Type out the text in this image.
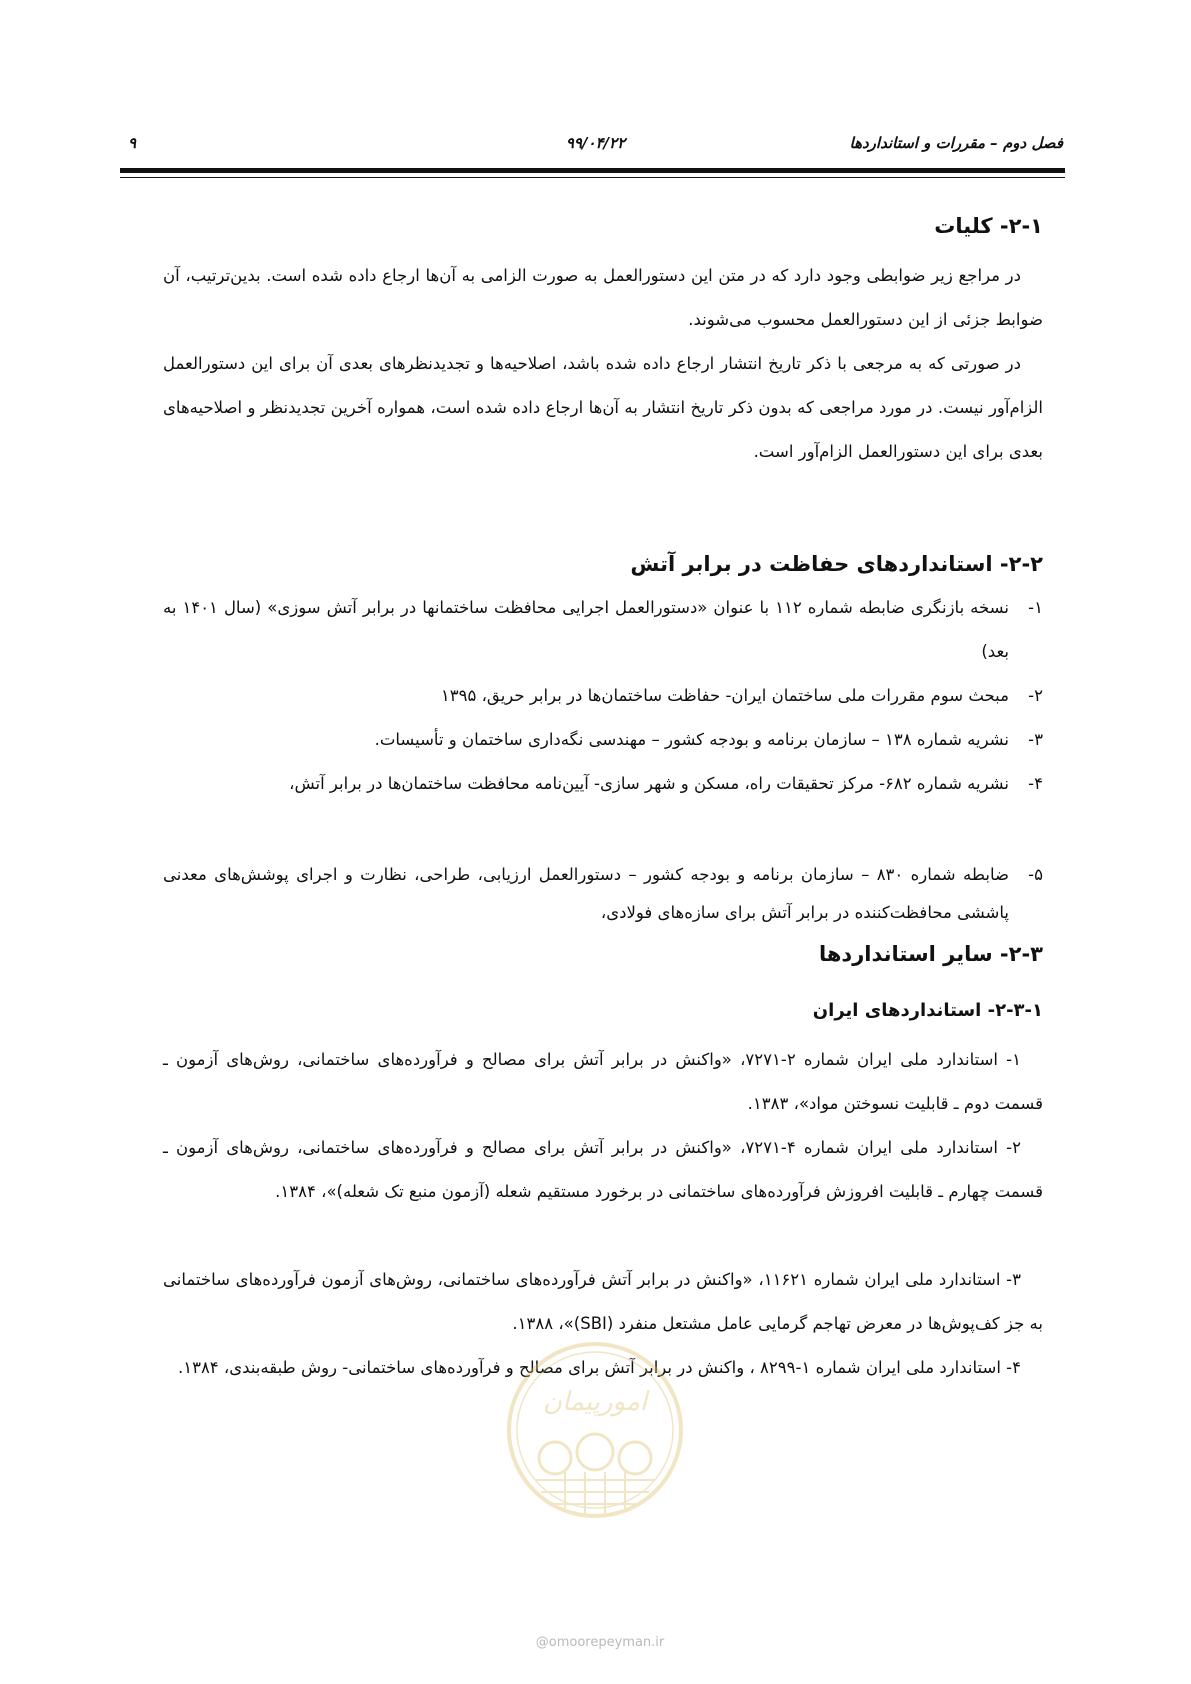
فصل دوم – مقررات و استانداردها
۹۹/۰۴/۲۲
۹
۲-۱- کلیات
در مراجع زیر ضوابطی وجود دارد که در متن این دستورالعمل به صورت الزامی به آن‌ها ارجاع داده شده است. بدین‌ترتیب، آن ضوابط جزئی از این دستورالعمل محسوب می‌شوند.
در صورتی که به مرجعی با ذکر تاریخ انتشار ارجاع داده شده باشد، اصلاحیه‌ها و تجدیدنظرهای بعدی آن برای این دستورالعمل الزام‌آور نیست. در مورد مراجعی که بدون ذکر تاریخ انتشار به آن‌ها ارجاع داده شده است، همواره آخرین تجدیدنظر و اصلاحیه‌های بعدی برای این دستورالعمل الزام‌آور است.
۲-۲- استانداردهای حفاظت در برابر آتش
۱-
نسخه بازنگری ضابطه شماره ۱۱۲ با عنوان «دستورالعمل اجرایی محافظت ساختمانها در برابر آتش سوزی» (سال ۱۴۰۱ به بعد)
۲-
مبحث سوم مقررات ملی ساختمان ایران- حفاظت ساختمان‌ها در برابر حریق، ۱۳۹۵
۳-
نشریه شماره ۱۳۸ – سازمان برنامه و بودجه کشور – مهندسی نگه‌داری ساختمان و تأسیسات.
۴-
نشریه شماره ۶۸۲- مرکز تحقیقات راه، مسکن و شهر سازی- آیین‌نامه محافظت ساختمان‌ها در برابر آتش،
۵-
ضابطه شماره ۸۳۰ – سازمان برنامه و بودجه کشور – دستورالعمل ارزیابی، طراحی، نظارت و اجرای پوشش‌های معدنی پاششی محافظت‌کننده در برابر آتش برای سازه‌های فولادی،
۲-۳- سایر استانداردها
۲-۳-۱- استانداردهای ایران
۱- استاندارد ملی ایران شماره ۲-۷۲۷۱، «واکنش در برابر آتش برای مصالح و فرآورده‌های ساختمانی، روش‌های آزمون ـ قسمت دوم ـ قابلیت نسوختن مواد»، ۱۳۸۳.
۲- استاندارد ملی ایران شماره ۴-۷۲۷۱، «واکنش در برابر آتش برای مصالح و فرآورده‌های ساختمانی، روش‌های آزمون ـ قسمت چهارم ـ قابلیت افروزش فرآورده‌های ساختمانی در برخورد مستقیم شعله (آزمون منبع تک شعله)»، ۱۳۸۴.
۳- استاندارد ملی ایران شماره ۱۱۶۲۱، «واکنش در برابر آتش فرآورده‌های ساختمانی، روش‌های آزمون فرآورده‌های ساختمانی به جز کف‌پوش‌ها در معرض تهاجم گرمایی عامل مشتعل منفرد (SBI)»، ۱۳۸۸.
۴- استاندارد ملی ایران شماره ۱-۸۲۹۹ ، واکنش در برابر آتش برای مصالح و فرآورده‌های ساختمانی- روش طبقه‌بندی، ۱۳۸۴.
امورپیمان
@omoorepeyman.ir
